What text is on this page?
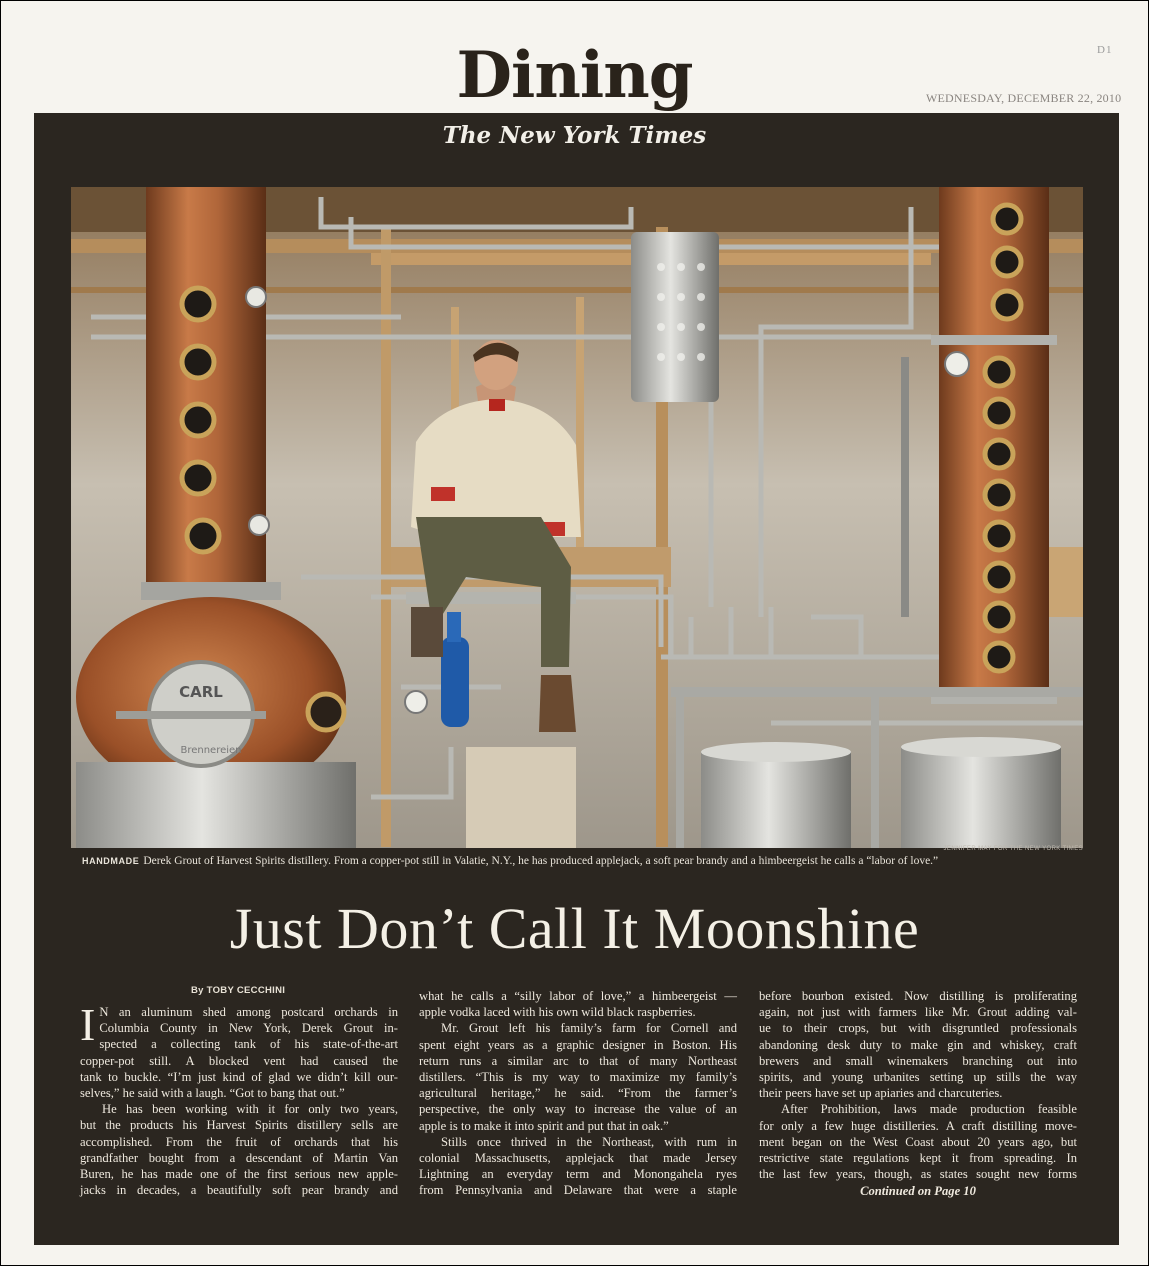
D1
Dining	WEDNESDAY, DECEMBER 22, 2010
The New York Times
CARL
Brennereien
JENNIFER MAY FOR THE NEW YORK TIMES
HANDMADE Derek Grout of Harvest Spirits distillery. From a copper-pot still in Valatie, N.Y., he has produced applejack, a soft pear brandy and a himbeergeist he calls a “labor of love.”
Just Don’t Call It Moonshine
By TOBY CECCHINI
I N an aluminum shed among postcard orchards in
Columbia County in New York, Derek Grout in-
spected a collecting tank of his state-of-the-art
copper-pot still. A blocked vent had caused the
tank to buckle. “I’m just kind of glad we didn’t kill our-
selves,” he said with a laugh. “Got to bang that out.”
He has been working with it for only two years,
but the products his Harvest Spirits distillery sells are
accomplished. From the fruit of orchards that his
grandfather bought from a descendant of Martin Van
Buren, he has made one of the first serious new apple-
jacks in decades, a beautifully soft pear brandy and
what he calls a “silly labor of love,” a himbeergeist —
apple vodka laced with his own wild black raspberries.
Mr. Grout left his family’s farm for Cornell and
spent eight years as a graphic designer in Boston. His
return runs a similar arc to that of many Northeast
distillers. “This is my way to maximize my family’s
agricultural heritage,” he said. “From the farmer’s
perspective, the only way to increase the value of an
apple is to make it into spirit and put that in oak.”
Stills once thrived in the Northeast, with rum in
colonial Massachusetts, applejack that made Jersey
Lightning an everyday term and Monongahela ryes
from Pennsylvania and Delaware that were a staple
before bourbon existed. Now distilling is proliferating
again, not just with farmers like Mr. Grout adding val-
ue to their crops, but with disgruntled professionals
abandoning desk duty to make gin and whiskey, craft
brewers and small winemakers branching out into
spirits, and young urbanites setting up stills the way
their peers have set up apiaries and charcuteries.
After Prohibition, laws made production feasible
for only a few huge distilleries. A craft distilling move-
ment began on the West Coast about 20 years ago, but
restrictive state regulations kept it from spreading. In
the last few years, though, as states sought new forms

Continued on Page 10
